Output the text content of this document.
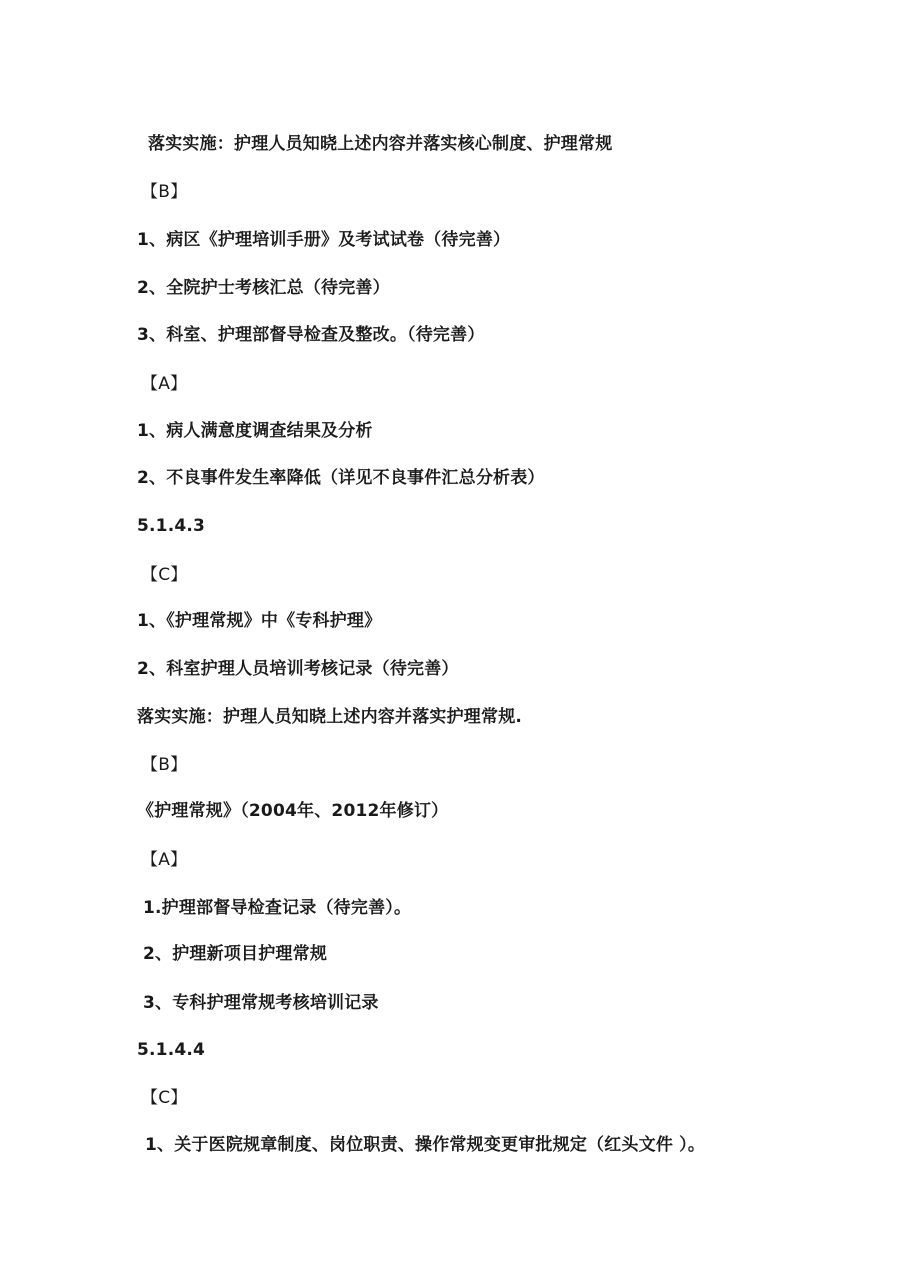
落实实施：护理人员知晓上述内容并落实核心制度、护理常规
【B】
1、病区《护理培训手册》及考试试卷（待完善）
2、全院护士考核汇总（待完善）
3、科室、护理部督导检查及整改。（待完善）
【A】
1、病人满意度调查结果及分析
2、不良事件发生率降低（详见不良事件汇总分析表）
5.1.4.3
【C】
1、《护理常规》中《专科护理》
2、科室护理人员培训考核记录（待完善）
落实实施：护理人员知晓上述内容并落实护理常规.
【B】
《护理常规》（2004年、2012年修订）
【A】
1.护理部督导检查记录（待完善）。
2、护理新项目护理常规
3、专科护理常规考核培训记录
5.1.4.4
【C】
1、关于医院规章制度、岗位职责、操作常规变更审批规定（红头文件 ）。
